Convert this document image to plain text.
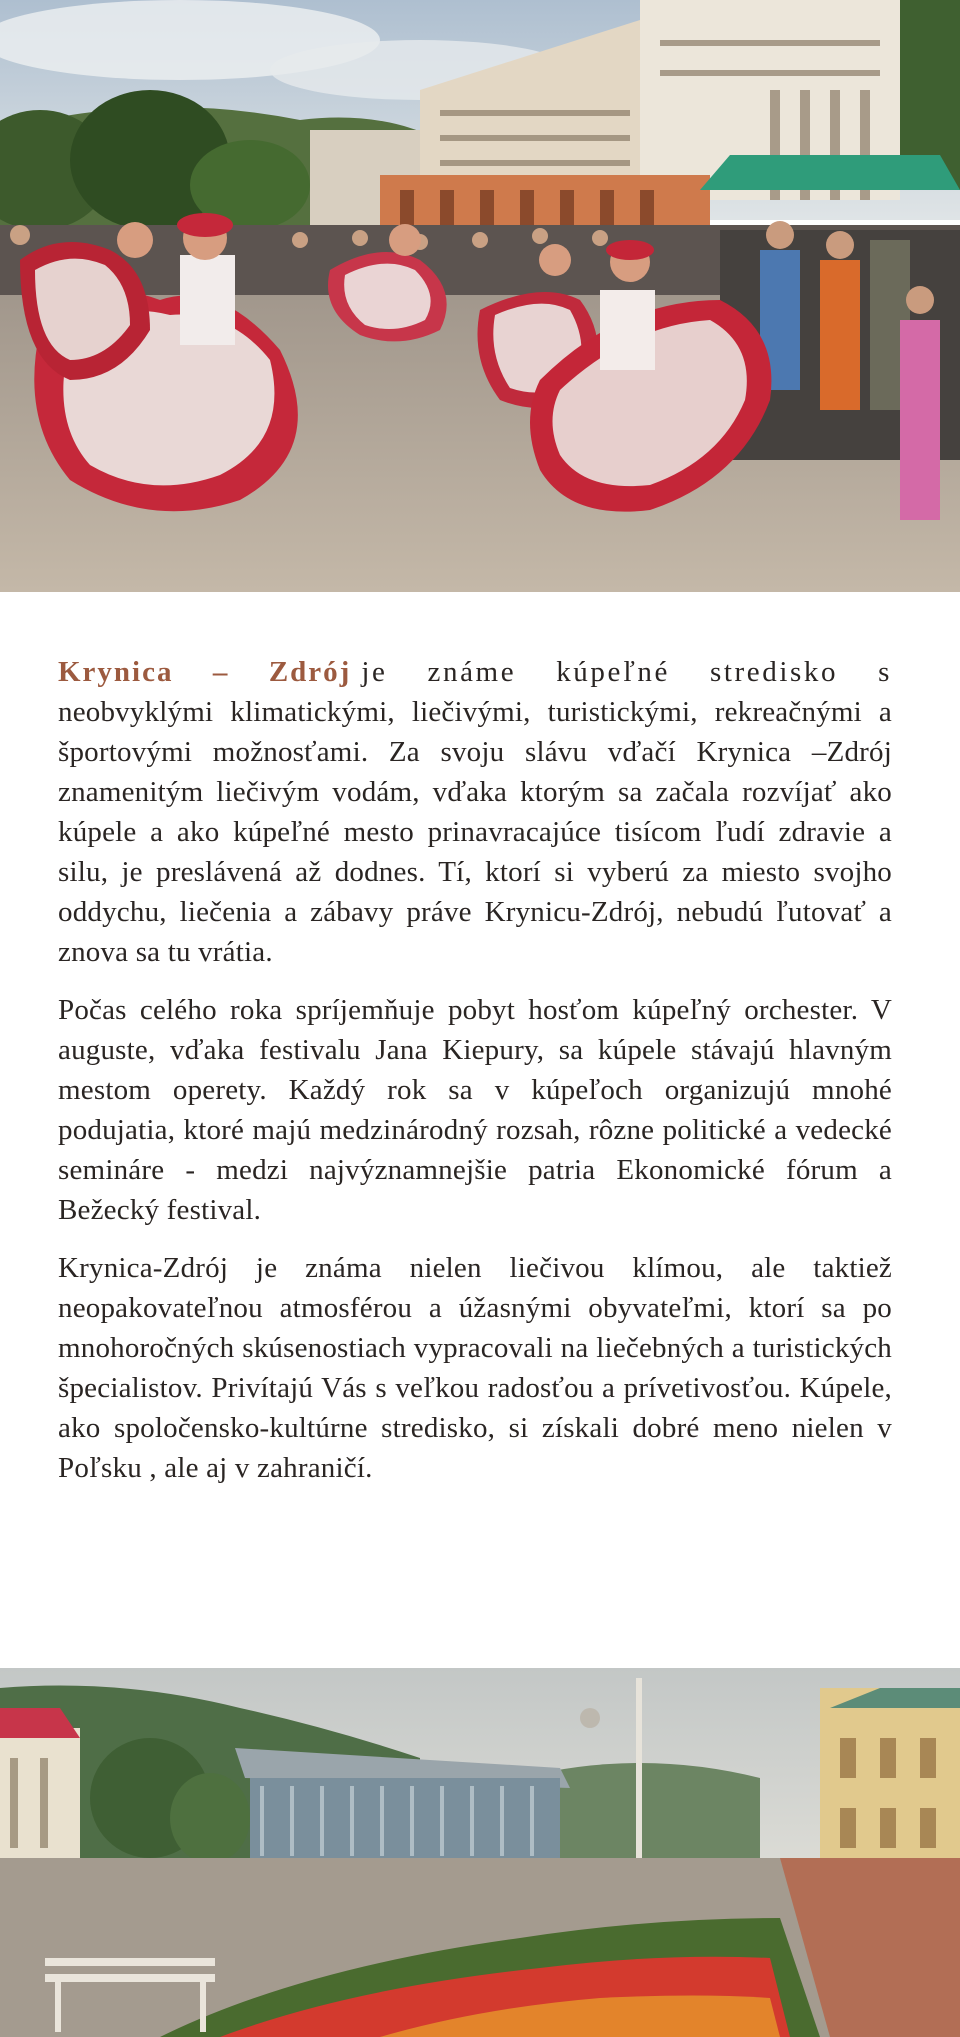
Krynica – Zdrój je známe kúpeľné stredisko s neobvyklými klimatickými, liečivými, turistickými, rekreačnými a športovými možnosťami. Za svoju slávu vďačí Krynica –Zdrój znamenitým liečivým vodám, vďaka ktorým sa začala rozvíjať ako kúpele a ako kúpeľné mesto prinavracajúce tisícom ľudí zdravie a silu, je preslávená až dodnes. Tí, ktorí si vyberú za miesto svojho oddychu, liečenia a zábavy práve Krynicu-Zdrój, nebudú ľutovať a znova sa tu vrátia.

Počas celého roka spríjemňuje pobyt hosťom kúpeľný orchester. V auguste, vďaka festivalu Jana Kiepury, sa kúpele stávajú hlavným mestom operety. Každý rok sa v kúpeľoch organizujú mnohé podujatia, ktoré majú medzinárodný rozsah, rôzne politické a vedecké semináre - medzi najvýznamnejšie patria Ekonomické fórum a Bežecký festival.

Krynica-Zdrój je známa nielen liečivou klímou, ale taktiež neopakovateľnou atmosférou a úžasnými obyvateľmi, ktorí sa po mnohoročných skúsenostiach vypracovali na liečebných a turistických špecialistov. Privítajú Vás s veľkou radosťou a prívetivosťou. Kúpele, ako spoločensko-kultúrne stredisko, si získali dobré meno nielen v Poľsku , ale aj v zahraničí.
